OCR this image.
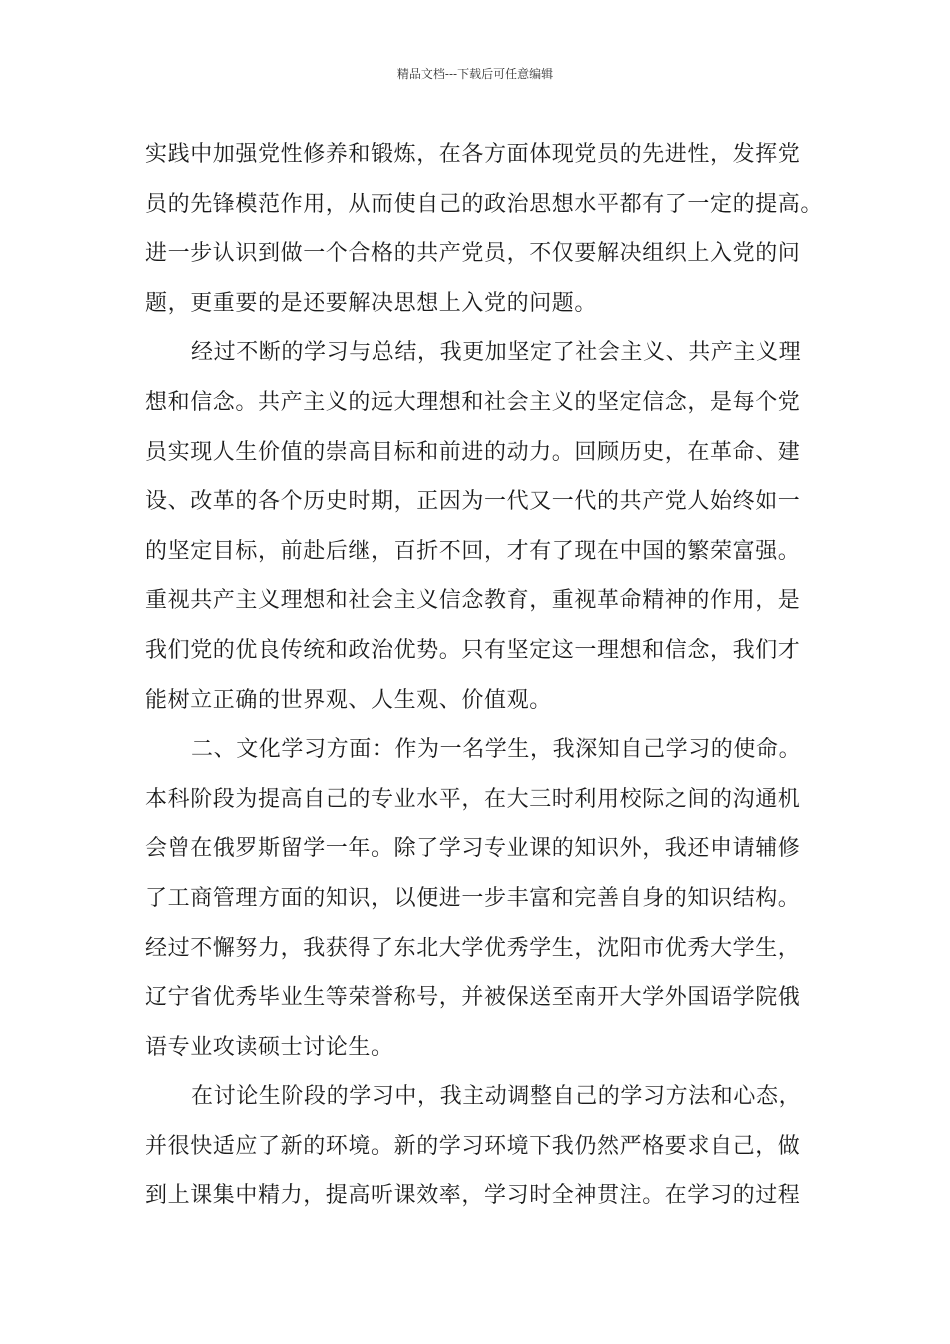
精品文档---下载后可任意编辑

实践中加强党性修养和锻炼，在各方面体现党员的先进性，发挥党
员的先锋模范作用，从而使自己的政治思想水平都有了一定的提高。
进一步认识到做一个合格的共产党员，不仅要解决组织上入党的问
题，更重要的是还要解决思想上入党的问题。

经过不断的学习与总结，我更加坚定了社会主义、共产主义理
想和信念。共产主义的远大理想和社会主义的坚定信念，是每个党
员实现人生价值的崇高目标和前进的动力。回顾历史，在革命、建
设、改革的各个历史时期，正因为一代又一代的共产党人始终如一
的坚定目标，前赴后继，百折不回，才有了现在中国的繁荣富强。
重视共产主义理想和社会主义信念教育，重视革命精神的作用，是
我们党的优良传统和政治优势。只有坚定这一理想和信念，我们才
能树立正确的世界观、人生观、价值观。

二、文化学习方面：作为一名学生，我深知自己学习的使命。
本科阶段为提高自己的专业水平，在大三时利用校际之间的沟通机
会曾在俄罗斯留学一年。除了学习专业课的知识外，我还申请辅修
了工商管理方面的知识，以便进一步丰富和完善自身的知识结构。
经过不懈努力，我获得了东北大学优秀学生，沈阳市优秀大学生，
辽宁省优秀毕业生等荣誉称号，并被保送至南开大学外国语学院俄
语专业攻读硕士讨论生。

在讨论生阶段的学习中，我主动调整自己的学习方法和心态，
并很快适应了新的环境。新的学习环境下我仍然严格要求自己，做
到上课集中精力，提高听课效率，学习时全神贯注。在学习的过程
